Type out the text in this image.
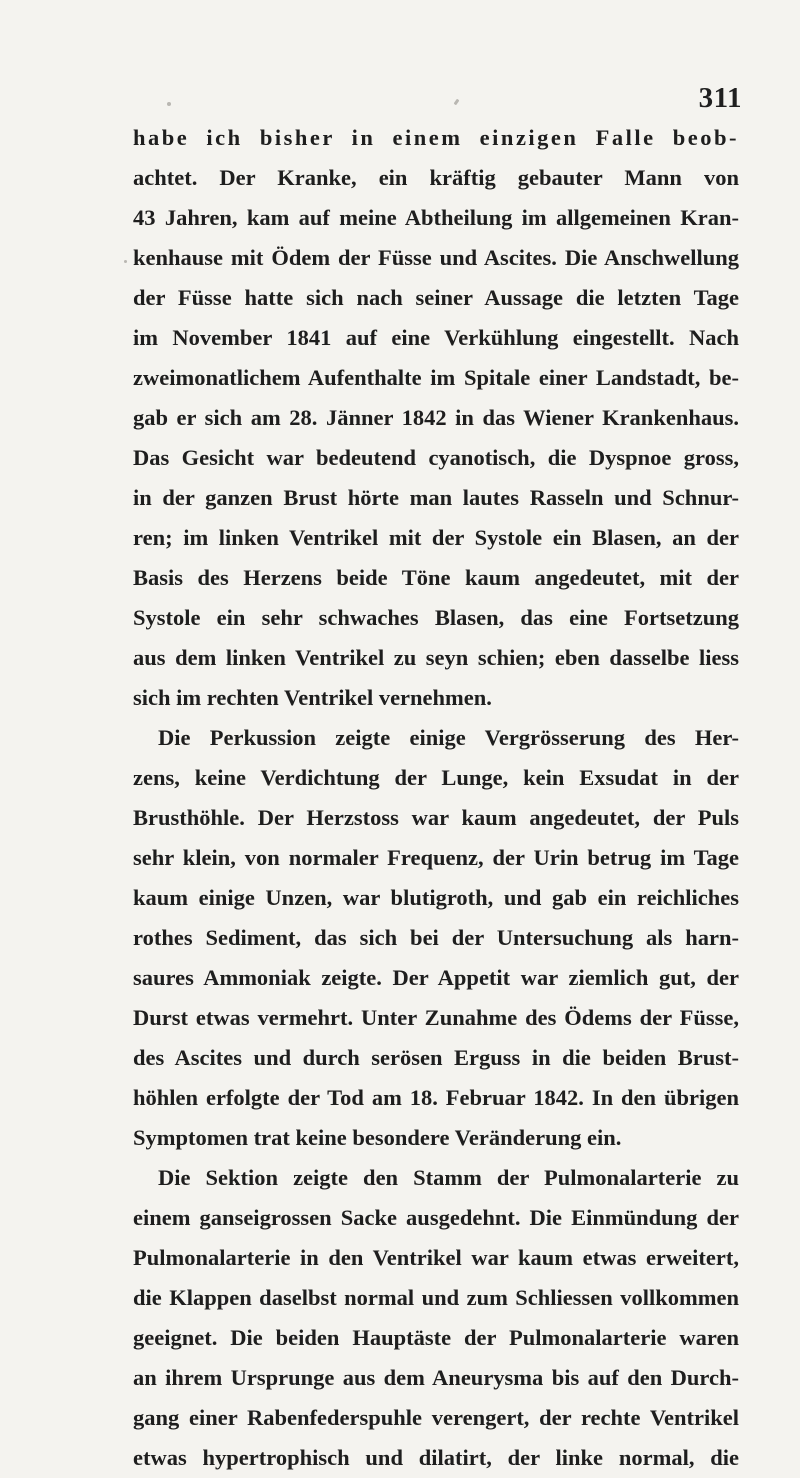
311
habe ich bisher in einem einzigen Falle beob-
achtet. Der Kranke, ein kräftig gebauter Mann von
43 Jahren, kam auf meine Abtheilung im allgemeinen Kran-
kenhause mit Ödem der Füsse und Ascites. Die Anschwellung
der Füsse hatte sich nach seiner Aussage die letzten Tage
im November 1841 auf eine Verkühlung eingestellt. Nach
zweimonatlichem Aufenthalte im Spitale einer Landstadt, be-
gab er sich am 28. Jänner 1842 in das Wiener Krankenhaus.
Das Gesicht war bedeutend cyanotisch, die Dyspnoe gross,
in der ganzen Brust hörte man lautes Rasseln und Schnur-
ren; im linken Ventrikel mit der Systole ein Blasen, an der
Basis des Herzens beide Töne kaum angedeutet, mit der
Systole ein sehr schwaches Blasen, das eine Fortsetzung
aus dem linken Ventrikel zu seyn schien; eben dasselbe liess
sich im rechten Ventrikel vernehmen.
Die Perkussion zeigte einige Vergrösserung des Her-
zens, keine Verdichtung der Lunge, kein Exsudat in der
Brusthöhle. Der Herzstoss war kaum angedeutet, der Puls
sehr klein, von normaler Frequenz, der Urin betrug im Tage
kaum einige Unzen, war blutigroth, und gab ein reichliches
rothes Sediment, das sich bei der Untersuchung als harn-
saures Ammoniak zeigte. Der Appetit war ziemlich gut, der
Durst etwas vermehrt. Unter Zunahme des Ödems der Füsse,
des Ascites und durch serösen Erguss in die beiden Brust-
höhlen erfolgte der Tod am 18. Februar 1842. In den übrigen
Symptomen trat keine besondere Veränderung ein.
Die Sektion zeigte den Stamm der Pulmonalarterie zu
einem ganseigrossen Sacke ausgedehnt. Die Einmündung der
Pulmonalarterie in den Ventrikel war kaum etwas erweitert,
die Klappen daselbst normal und zum Schliessen vollkommen
geeignet. Die beiden Hauptäste der Pulmonalarterie waren
an ihrem Ursprunge aus dem Aneurysma bis auf den Durch-
gang einer Rabenfederspuhle verengert, der rechte Ventrikel
etwas hypertrophisch und dilatirt, der linke normal, die
